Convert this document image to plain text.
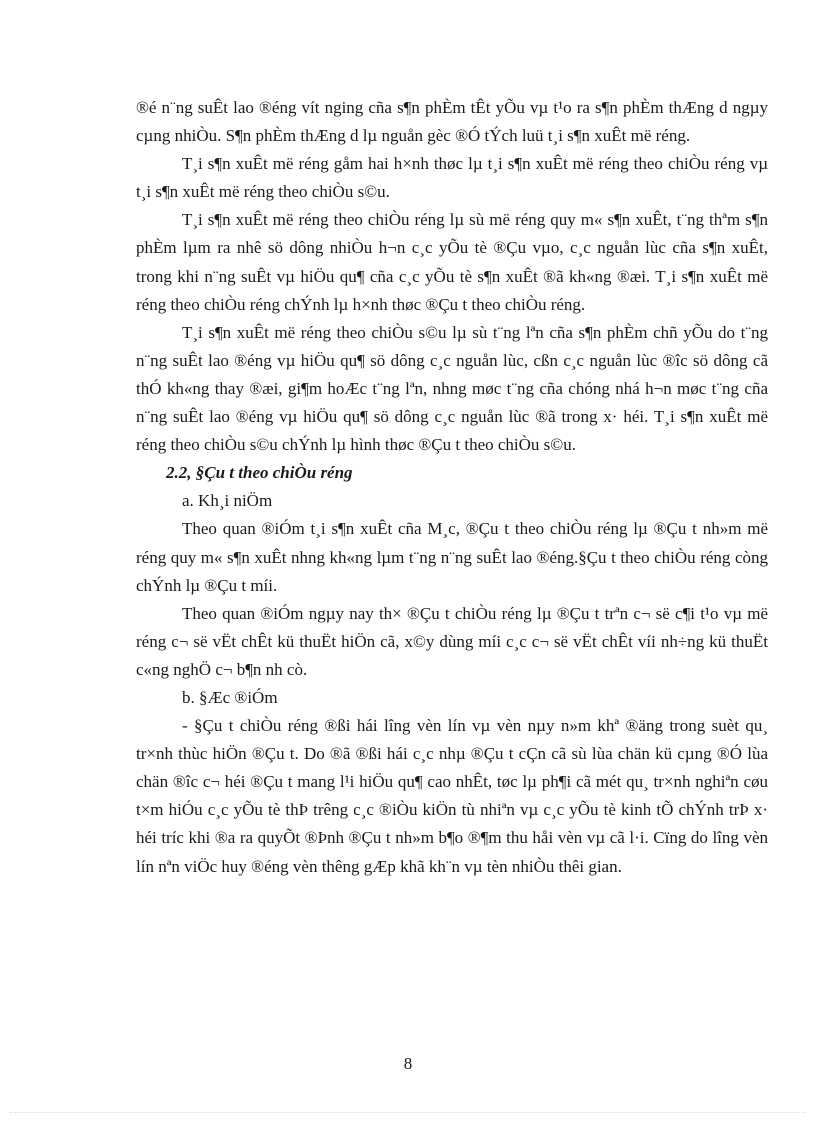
®é n¨ng suÊt lao ®éng vít nging cña s¶n phÈm tÊt yÕu vµ t¹o ra s¶n phÈm thÆng d ngµy cµng nhiÒu. S¶n phÈm thÆng d lµ nguån gèc ®Ó tÝch luü t¸i s¶n xuÊt më réng.

T¸i s¶n xuÊt më réng gåm hai h×nh thøc lµ t¸i s¶n xuÊt më réng theo chiÒu réng vµ t¸i s¶n xuÊt më réng theo chiÒu s©u.

T¸i s¶n xuÊt më réng theo chiÒu réng lµ sù më réng quy m« s¶n xuÊt, t¨ng thªm s¶n phÈm lµm ra nhê sö dông nhiÒu h¬n c¸c yÕu tè ®Çu vµo, c¸c nguån lùc cña s¶n xuÊt, trong khi n¨ng suÊt vµ hiÖu qu¶ cña c¸c yÕu tè s¶n xuÊt ®ã kh«ng ®æi. T¸i s¶n xuÊt më réng theo chiÒu réng chÝnh lµ h×nh thøc ®Çu t theo chiÒu réng.

T¸i s¶n xuÊt më réng theo chiÒu s©u lµ sù t¨ng lªn cña s¶n phÈm chñ yÕu do t¨ng n¨ng suÊt lao ®éng vµ hiÖu qu¶ sö dông c¸c nguån lùc, cßn c¸c nguån lùc ®îc sö dông cã thÓ kh«ng thay ®æi, gi¶m hoÆc t¨ng lªn, nhng møc t¨ng cña chóng nhá h¬n møc t¨ng cña n¨ng suÊt lao ®éng vµ hiÖu qu¶ sö dông c¸c nguån lùc ®ã trong x· héi. T¸i s¶n xuÊt më réng theo chiÒu s©u chÝnh lµ hình thøc ®Çu t theo chiÒu s©u.

2.2, §Çu t theo chiÒu réng

a. Kh¸i niÖm

Theo quan ®iÓm t¸i s¶n xuÊt cña M¸c, ®Çu t theo chiÒu réng lµ ®Çu t nh»m më réng quy m« s¶n xuÊt nhng kh«ng lµm t¨ng n¨ng suÊt lao ®éng.§Çu t theo chiÒu réng còng chÝnh lµ ®Çu t míi.

Theo quan ®iÓm ngµy nay th× ®Çu t chiÒu réng lµ ®Çu t trªn c¬ së c¶i t¹o vµ më réng c¬ së vËt chÊt kü thuËt hiÖn cã, x©y dùng míi c¸c c¬ së vËt chÊt víi nh÷ng kü thuËt c«ng nghÖ c¬ b¶n nh cò.

b. §Æc ®iÓm

- §Çu t chiÒu réng ®ßi hái lîng vèn lín vµ vèn nµy n»m khª ®äng trong suèt qu¸ tr×nh thùc hiÖn ®Çu t. Do ®ã ®ßi hái c¸c nhµ ®Çu t cÇn cã sù lùa chän kü cµng ®Ó lùa chän ®îc c¬ héi ®Çu t mang l¹i hiÖu qu¶ cao nhÊt, tøc lµ ph¶i cã mét qu¸ tr×nh nghiªn cøu t×m hiÓu c¸c yÕu tè thÞ trêng c¸c ®iÒu kiÖn tù nhiªn vµ c¸c yÕu tè kinh tÕ chÝnh trÞ x· héi tríc khi ®a ra quyÕt ®Þnh ®Çu t nh»m b¶o ®¶m thu håi vèn vµ cã l·i. Cïng do lîng vèn lín nªn viÖc huy ®éng vèn thêng gÆp khã kh¨n vµ tèn nhiÒu thêi gian.

8
